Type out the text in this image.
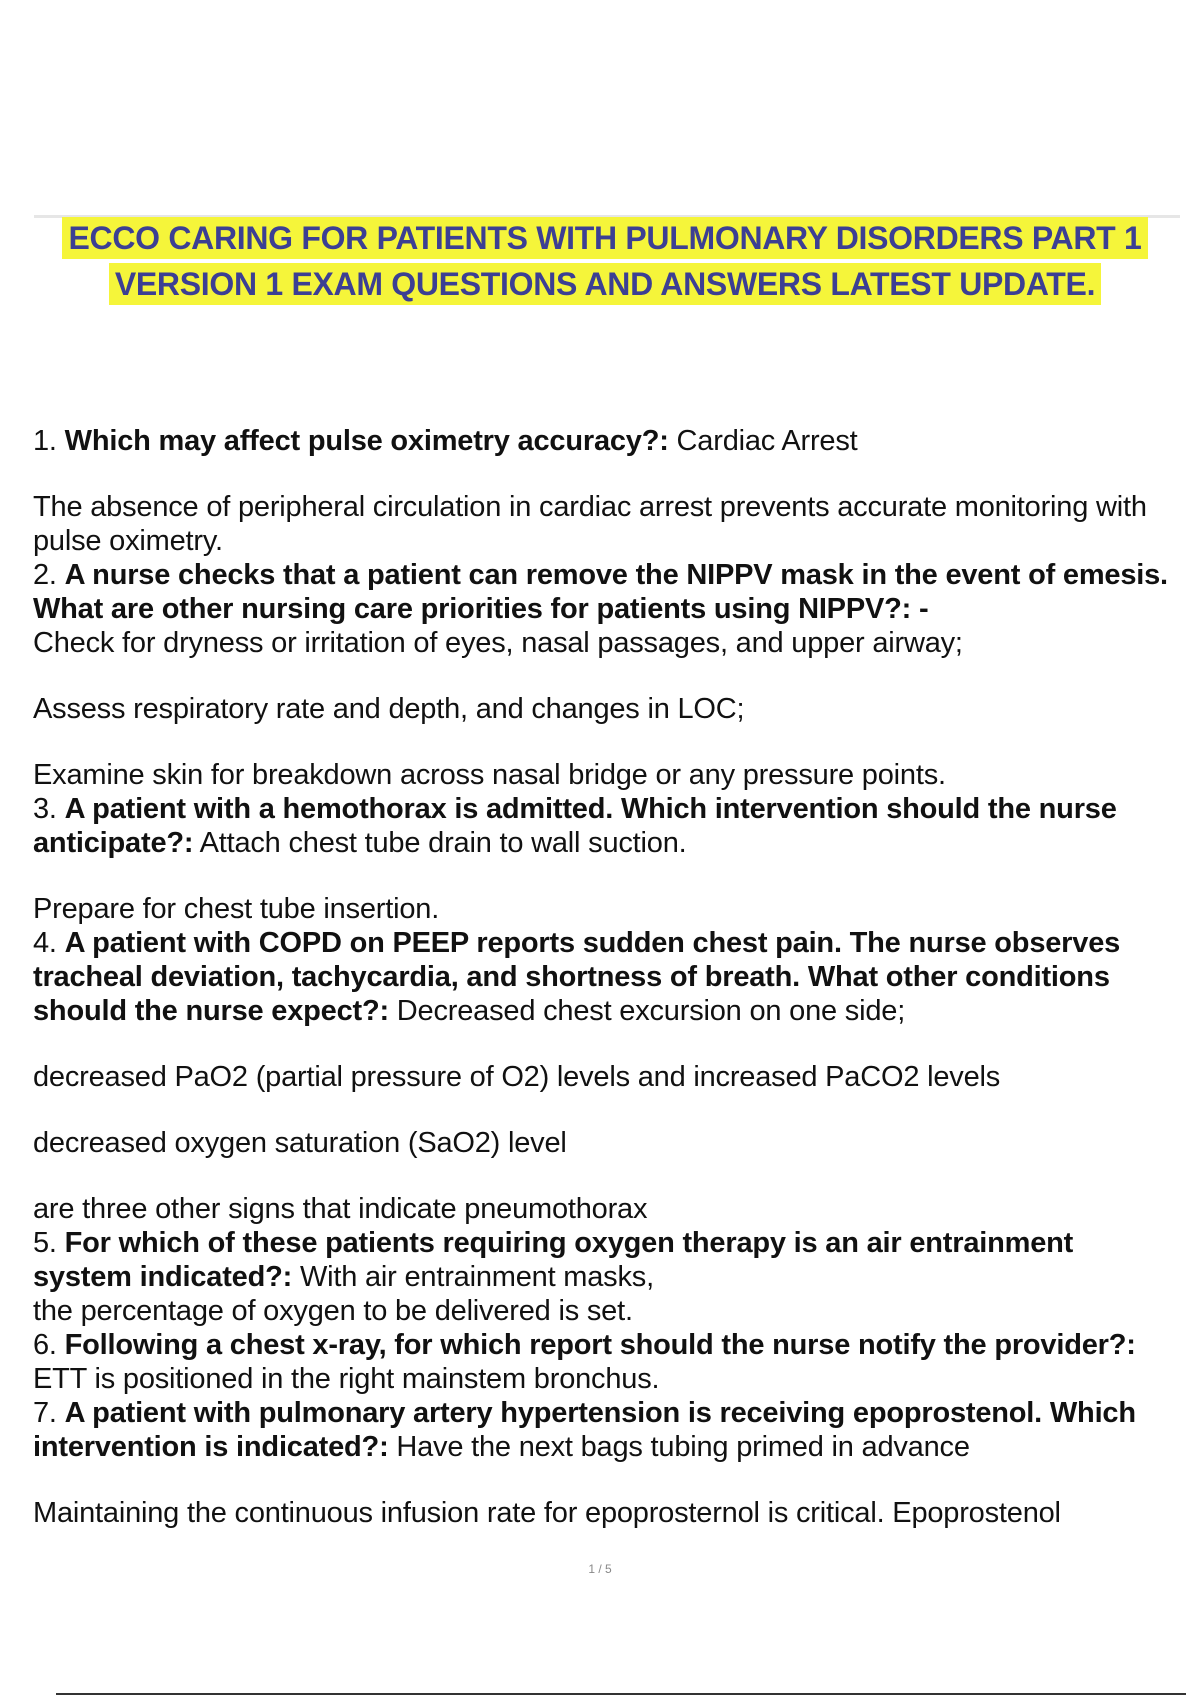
ECCO CARING FOR PATIENTS WITH PULMONARY DISORDERS PART 1
VERSION 1 EXAM QUESTIONS AND ANSWERS LATEST UPDATE.

1. Which may affect pulse oximetry accuracy?: Cardiac Arrest

The absence of peripheral circulation in cardiac arrest prevents accurate monitoring with pulse oximetry.

2. A nurse checks that a patient can remove the NIPPV mask in the event of emesis. What are other nursing care priorities for patients using NIPPV?: -
Check for dryness or irritation of eyes, nasal passages, and upper airway;

Assess respiratory rate and depth, and changes in LOC;

Examine skin for breakdown across nasal bridge or any pressure points.

3. A patient with a hemothorax is admitted. Which intervention should the nurse anticipate?: Attach chest tube drain to wall suction.

Prepare for chest tube insertion.

4. A patient with COPD on PEEP reports sudden chest pain. The nurse observes tracheal deviation, tachycardia, and shortness of breath. What other conditions should the nurse expect?: Decreased chest excursion on one side;

decreased PaO2 (partial pressure of O2) levels and increased PaCO2 levels

decreased oxygen saturation (SaO2) level

are three other signs that indicate pneumothorax

5. For which of these patients requiring oxygen therapy is an air entrainment system indicated?: With air entrainment masks,
the percentage of oxygen to be delivered is set.

6. Following a chest x-ray, for which report should the nurse notify the provider?: ETT is positioned in the right mainstem bronchus.

7. A patient with pulmonary artery hypertension is receiving epoprostenol. Which intervention is indicated?: Have the next bags tubing primed in advance

Maintaining the continuous infusion rate for epoprosternol is critical. Epoprostenol

1 / 5
